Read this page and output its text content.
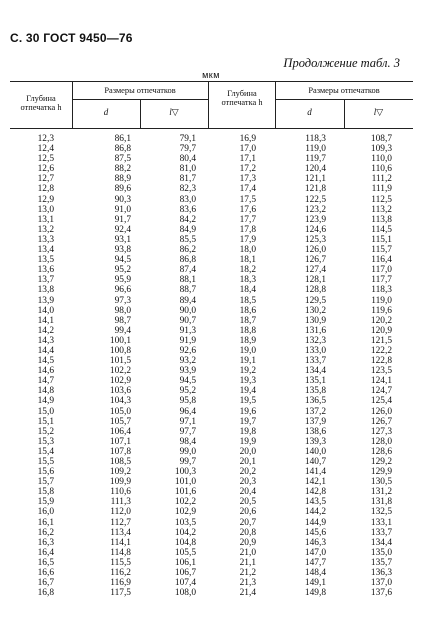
С. 30 ГОСТ 9450—76
Продолжение табл. 3
мкм
Глубина отпечатка h
Размеры отпечатков
d	l▽
Глубина отпечатка h
Размеры отпечатков
d	l▽
12,3
12,4
12,5
12,6
12,7
12,8
12,9
13,0
13,1
13,2
13,3
13,4
13,5
13,6
13,7
13,8
13,9
14,0
14,1
14,2
14,3
14,4
14,5
14,6
14,7
14,8
14,9
15,0
15,1
15,2
15,3
15,4
15,5
15,6
15,7
15,8
15,9
16,0
16,1
16,2
16,3
16,4
16,5
16,6
16,7
16,8
86,1
86,8
87,5
88,2
88,9
89,6
90,3
91,0
91,7
92,4
93,1
93,8
94,5
95,2
95,9
96,6
97,3
98,0
98,7
99,4
100,1
100,8
101,5
102,2
102,9
103,6
104,3
105,0
105,7
106,4
107,1
107,8
108,5
109,2
109,9
110,6
111,3
112,0
112,7
113,4
114,1
114,8
115,5
116,2
116,9
117,5
79,1
79,7
80,4
81,0
81,7
82,3
83,0
83,6
84,2
84,9
85,5
86,2
86,8
87,4
88,1
88,7
89,4
90,0
90,7
91,3
91,9
92,6
93,2
93,9
94,5
95,2
95,8
96,4
97,1
97,7
98,4
99,0
99,7
100,3
101,0
101,6
102,2
102,9
103,5
104,2
104,8
105,5
106,1
106,7
107,4
108,0
16,9
17,0
17,1
17,2
17,3
17,4
17,5
17,6
17,7
17,8
17,9
18,0
18,1
18,2
18,3
18,4
18,5
18,6
18,7
18,8
18,9
19,0
19,1
19,2
19,3
19,4
19,5
19,6
19,7
19,8
19,9
20,0
20,1
20,2
20,3
20,4
20,5
20,6
20,7
20,8
20,9
21,0
21,1
21,2
21,3
21,4
118,3
119,0
119,7
120,4
121,1
121,8
122,5
123,2
123,9
124,6
125,3
126,0
126,7
127,4
128,1
128,8
129,5
130,2
130,9
131,6
132,3
133,0
133,7
134,4
135,1
135,8
136,5
137,2
137,9
138,6
139,3
140,0
140,7
141,4
142,1
142,8
143,5
144,2
144,9
145,6
146,3
147,0
147,7
148,4
149,1
149,8
108,7
109,3
110,0
110,6
111,2
111,9
112,5
113,2
113,8
114,5
115,1
115,7
116,4
117,0
117,7
118,3
119,0
119,6
120,2
120,9
121,5
122,2
122,8
123,5
124,1
124,7
125,4
126,0
126,7
127,3
128,0
128,6
129,2
129,9
130,5
131,2
131,8
132,5
133,1
133,7
134,4
135,0
135,7
136,3
137,0
137,6
